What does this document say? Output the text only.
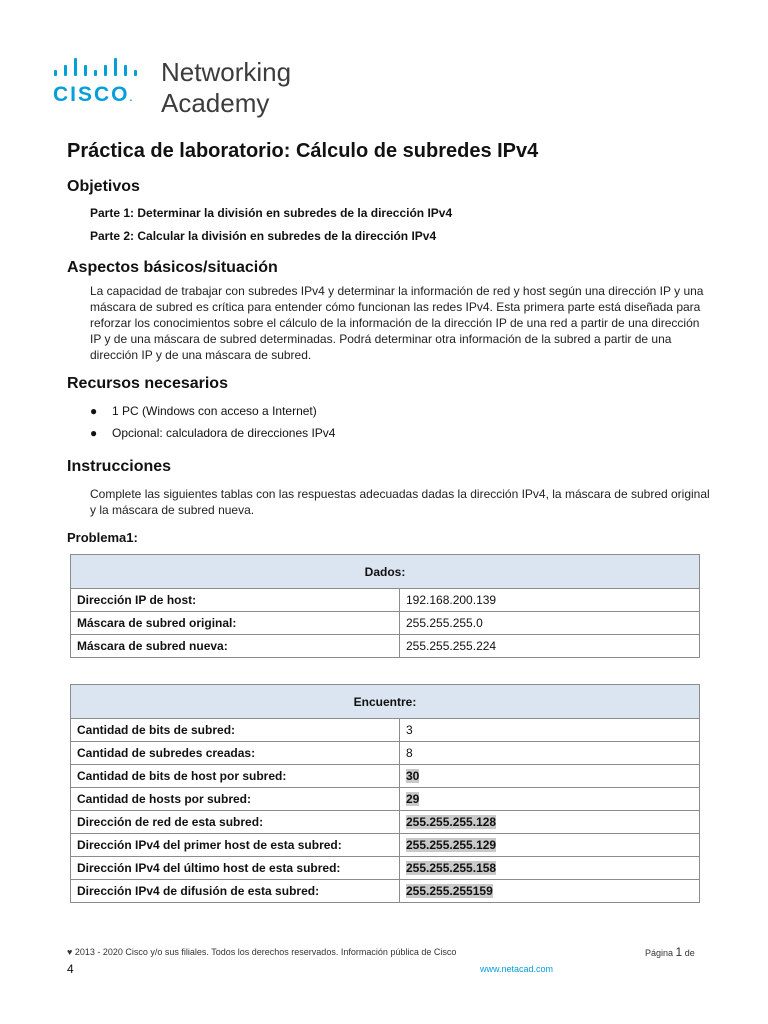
CISCO.
Networking
Academy
Práctica de laboratorio: Cálculo de subredes IPv4
Objetivos

Parte 1: Determinar la división en subredes de la dirección IPv4

Parte 2: Calcular la división en subredes de la dirección IPv4

Aspectos básicos/situación

La capacidad de trabajar con subredes IPv4 y determinar la información de red y host según una dirección IP y una máscara de subred es crítica para entender cómo funcionan las redes IPv4. Esta primera parte está diseñada para reforzar los conocimientos sobre el cálculo de la información de la dirección IP de una red a partir de una dirección IP y de una máscara de subred determinadas. Podrá determinar otra información de la subred a partir de una dirección IP y de una máscara de subred.

Recursos necesarios
● 1 PC (Windows con acceso a Internet)
● Opcional: calculadora de direcciones IPv4
Instrucciones

Complete las siguientes tablas con las respuestas adecuadas dadas la dirección IPv4, la máscara de subred original y la máscara de subred nueva.

Problema1:
Dados:	
Dirección IP de host:	192.168.200.139
Máscara de subred original:	255.255.255.0
Máscara de subred nueva:	255.255.255.224
Encuentre:	
Cantidad de bits de subred:	3
Cantidad de subredes creadas:	8
Cantidad de bits de host por subred:	30
Cantidad de hosts por subred:	29
Dirección de red de esta subred:	255.255.255.128
Dirección IPv4 del primer host de esta subred:	255.255.255.129
Dirección IPv4 del último host de esta subred:	255.255.255.158
Dirección IPv4 de difusión de esta subred:	255.255.255159
♥ 2013 - 2020 Cisco y/o sus filiales. Todos los derechos reservados. Información pública de Cisco	Página 1 de
4	www.netacad.com
